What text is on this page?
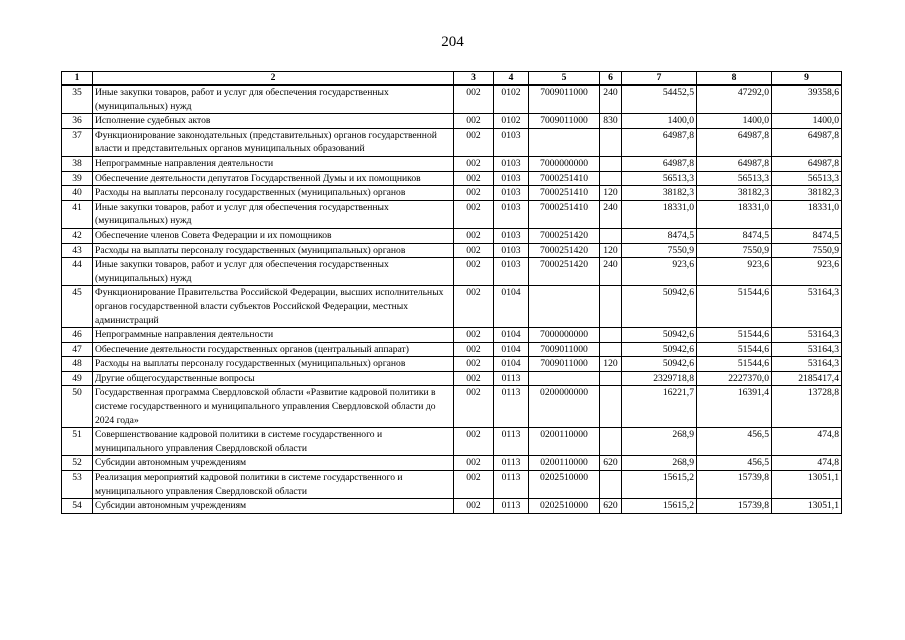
204
1	2	3	4	5	6	7	8	9
35	Иные закупки товаров, работ и услуг для обеспечения государственных (муниципальных) нужд	002	0102	7009011000	240	54452,5	47292,0	39358,6
36	Исполнение судебных актов	002	0102	7009011000	830	1400,0	1400,0	1400,0
37	Функционирование законодательных (представительных) органов государственной власти и представительных органов муниципальных образований	002	0103			64987,8	64987,8	64987,8
38	Непрограммные направления деятельности	002	0103	7000000000		64987,8	64987,8	64987,8
39	Обеспечение деятельности депутатов Государственной Думы и их помощников	002	0103	7000251410		56513,3	56513,3	56513,3
40	Расходы на выплаты персоналу государственных (муниципальных) органов	002	0103	7000251410	120	38182,3	38182,3	38182,3
41	Иные закупки товаров, работ и услуг для обеспечения государственных (муниципальных) нужд	002	0103	7000251410	240	18331,0	18331,0	18331,0
42	Обеспечение членов Совета Федерации и их помощников	002	0103	7000251420		8474,5	8474,5	8474,5
43	Расходы на выплаты персоналу государственных (муниципальных) органов	002	0103	7000251420	120	7550,9	7550,9	7550,9
44	Иные закупки товаров, работ и услуг для обеспечения государственных (муниципальных) нужд	002	0103	7000251420	240	923,6	923,6	923,6
45	Функционирование Правительства Российской Федерации, высших исполнительных органов государственной власти субъектов Российской Федерации, местных администраций	002	0104			50942,6	51544,6	53164,3
46	Непрограммные направления деятельности	002	0104	7000000000		50942,6	51544,6	53164,3
47	Обеспечение деятельности государственных органов (центральный аппарат)	002	0104	7009011000		50942,6	51544,6	53164,3
48	Расходы на выплаты персоналу государственных (муниципальных) органов	002	0104	7009011000	120	50942,6	51544,6	53164,3
49	Другие общегосударственные вопросы	002	0113			2329718,8	2227370,0	2185417,4
50	Государственная программа Свердловской области «Развитие кадровой политики в системе государственного и муниципального управления Свердловской области до 2024 года»	002	0113	0200000000		16221,7	16391,4	13728,8
51	Совершенствование кадровой политики в системе государственного и муниципального управления Свердловской области	002	0113	0200110000		268,9	456,5	474,8
52	Субсидии автономным учреждениям	002	0113	0200110000	620	268,9	456,5	474,8
53	Реализация мероприятий кадровой политики в системе государственного и муниципального управления Свердловской области	002	0113	0202510000		15615,2	15739,8	13051,1
54	Субсидии автономным учреждениям	002	0113	0202510000	620	15615,2	15739,8	13051,1
